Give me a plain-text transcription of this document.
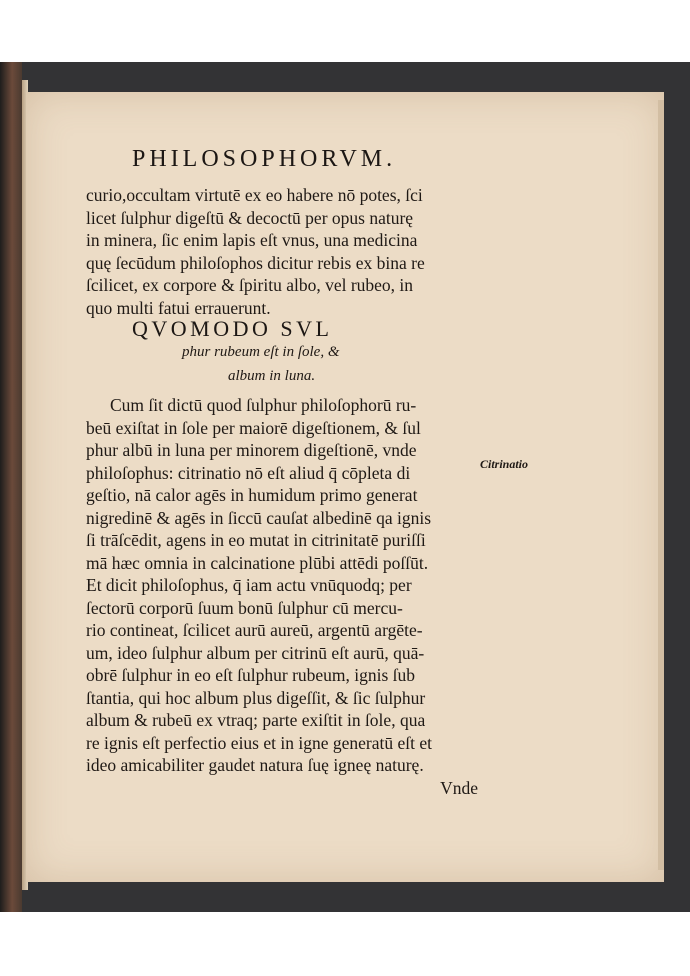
PHILOSOPHORVM.
curio,occultam virtutē ex eo habere nō potes, ſci
licet ſulphur digeſtū & decoctū per opus naturę
in minera, ſic enim lapis eſt vnus, una medicina
quę ſecūdum philoſophos dicitur rebis ex bina re
ſcilicet, ex corpore & ſpiritu albo, vel rubeo, in
quo multi fatui errauerunt.
QVOMODO SVL
phur rubeum eſt in ſole, &
album in luna.
Cum ſit dictū quod ſulphur philoſophorū ru-
beū exiſtat in ſole per maiorē digeſtionem, & ſul
phur albū in luna per minorem digeſtionē, vnde
philoſophus: citrinatio nō eſt aliud q̄ cōpleta di
geſtio, nā calor agēs in humidum primo generat
nigredinē & agēs in ſiccū cauſat albedinē qa ignis
ſi trāſcēdit, agens in eo mutat in citrinitatē puriſſi
mā hæc omnia in calcinatione plūbi attēdi poſſūt.
Et dicit philoſophus, q̄ iam actu vnūquodq; per
ſectorū corporū ſuum bonū ſulphur cū mercu-
rio contineat, ſcilicet aurū aureū, argentū argēte-
um, ideo ſulphur album per citrinū eſt aurū, quā-
obrē ſulphur in eo eſt ſulphur rubeum, ignis ſub
ſtantia, qui hoc album plus digeſſit, & ſic ſulphur
album & rubeū ex vtraq; parte exiſtit in ſole, qua
re ignis eſt perfectio eius et in igne generatū eſt et
ideo amicabiliter gaudet natura ſuę igneę naturę.
Vnde
Citrinatio
